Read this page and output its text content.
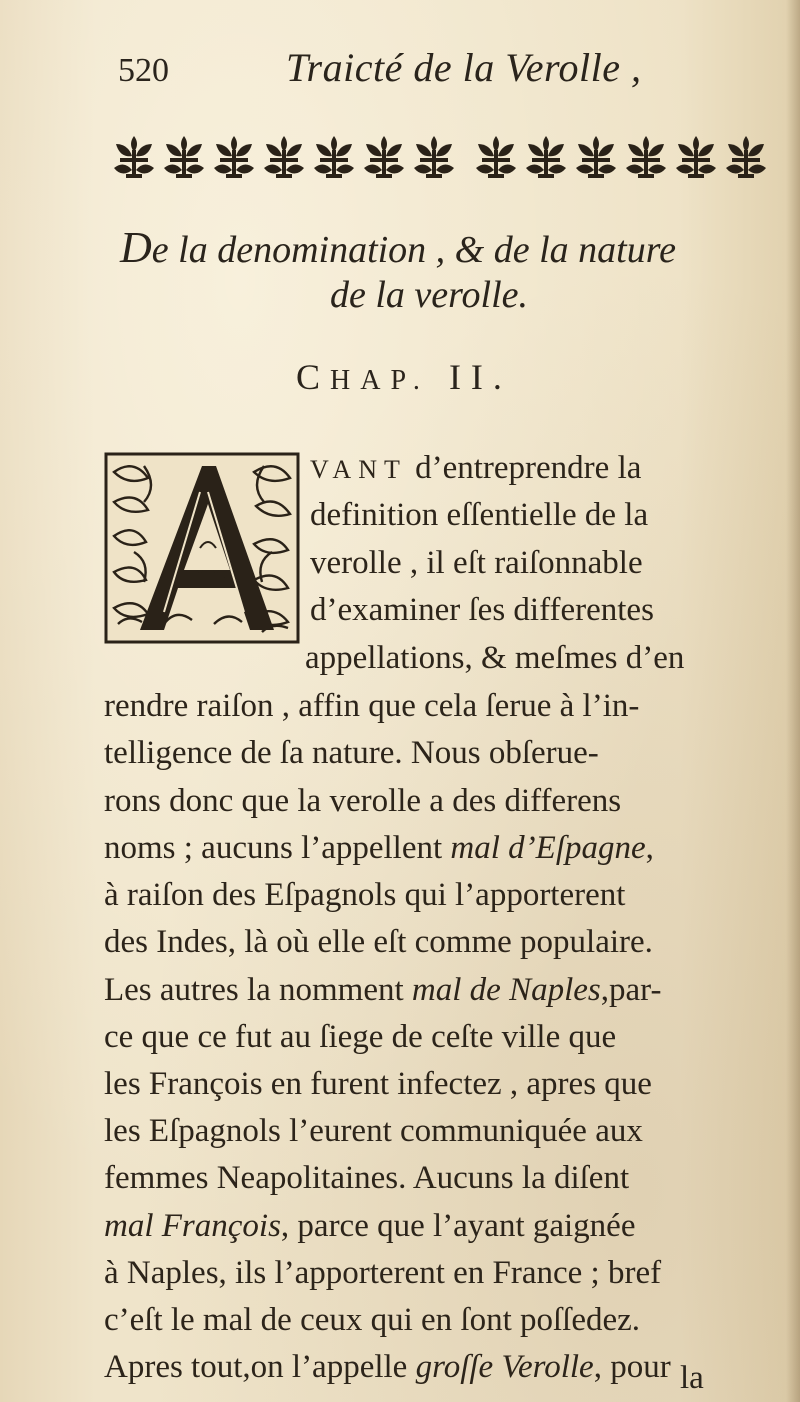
520	Traicté de la Verolle ,
De la denomination , & de la nature
de la verolle.
CHAP. II.
VANT d’entreprendre la
definition eſſentielle de la
verolle , il eſt raiſonnable
d’examiner ſes differentes
appellations, & meſmes d’en
rendre raiſon , affin que cela ſerue à l’in-
telligence de ſa nature. Nous obſerue-
rons donc que la verolle a des differens
noms ; aucuns l’appellent mal d’Eſpagne,
à raiſon des Eſpagnols qui l’apporterent
des Indes, là où elle eſt comme populaire.
Les autres la nomment mal de Naples,par-
ce que ce fut au ſiege de ceſte ville que
les François en furent infectez , apres que
les Eſpagnols l’eurent communiquée aux
femmes Neapolitaines. Aucuns la diſent
mal François, parce que l’ayant gaignée
à Naples, ils l’apporterent en France ; bref
c’eſt le mal de ceux qui en ſont poſſedez.
Apres tout,on l’appelle groſſe Verolle, pour la
